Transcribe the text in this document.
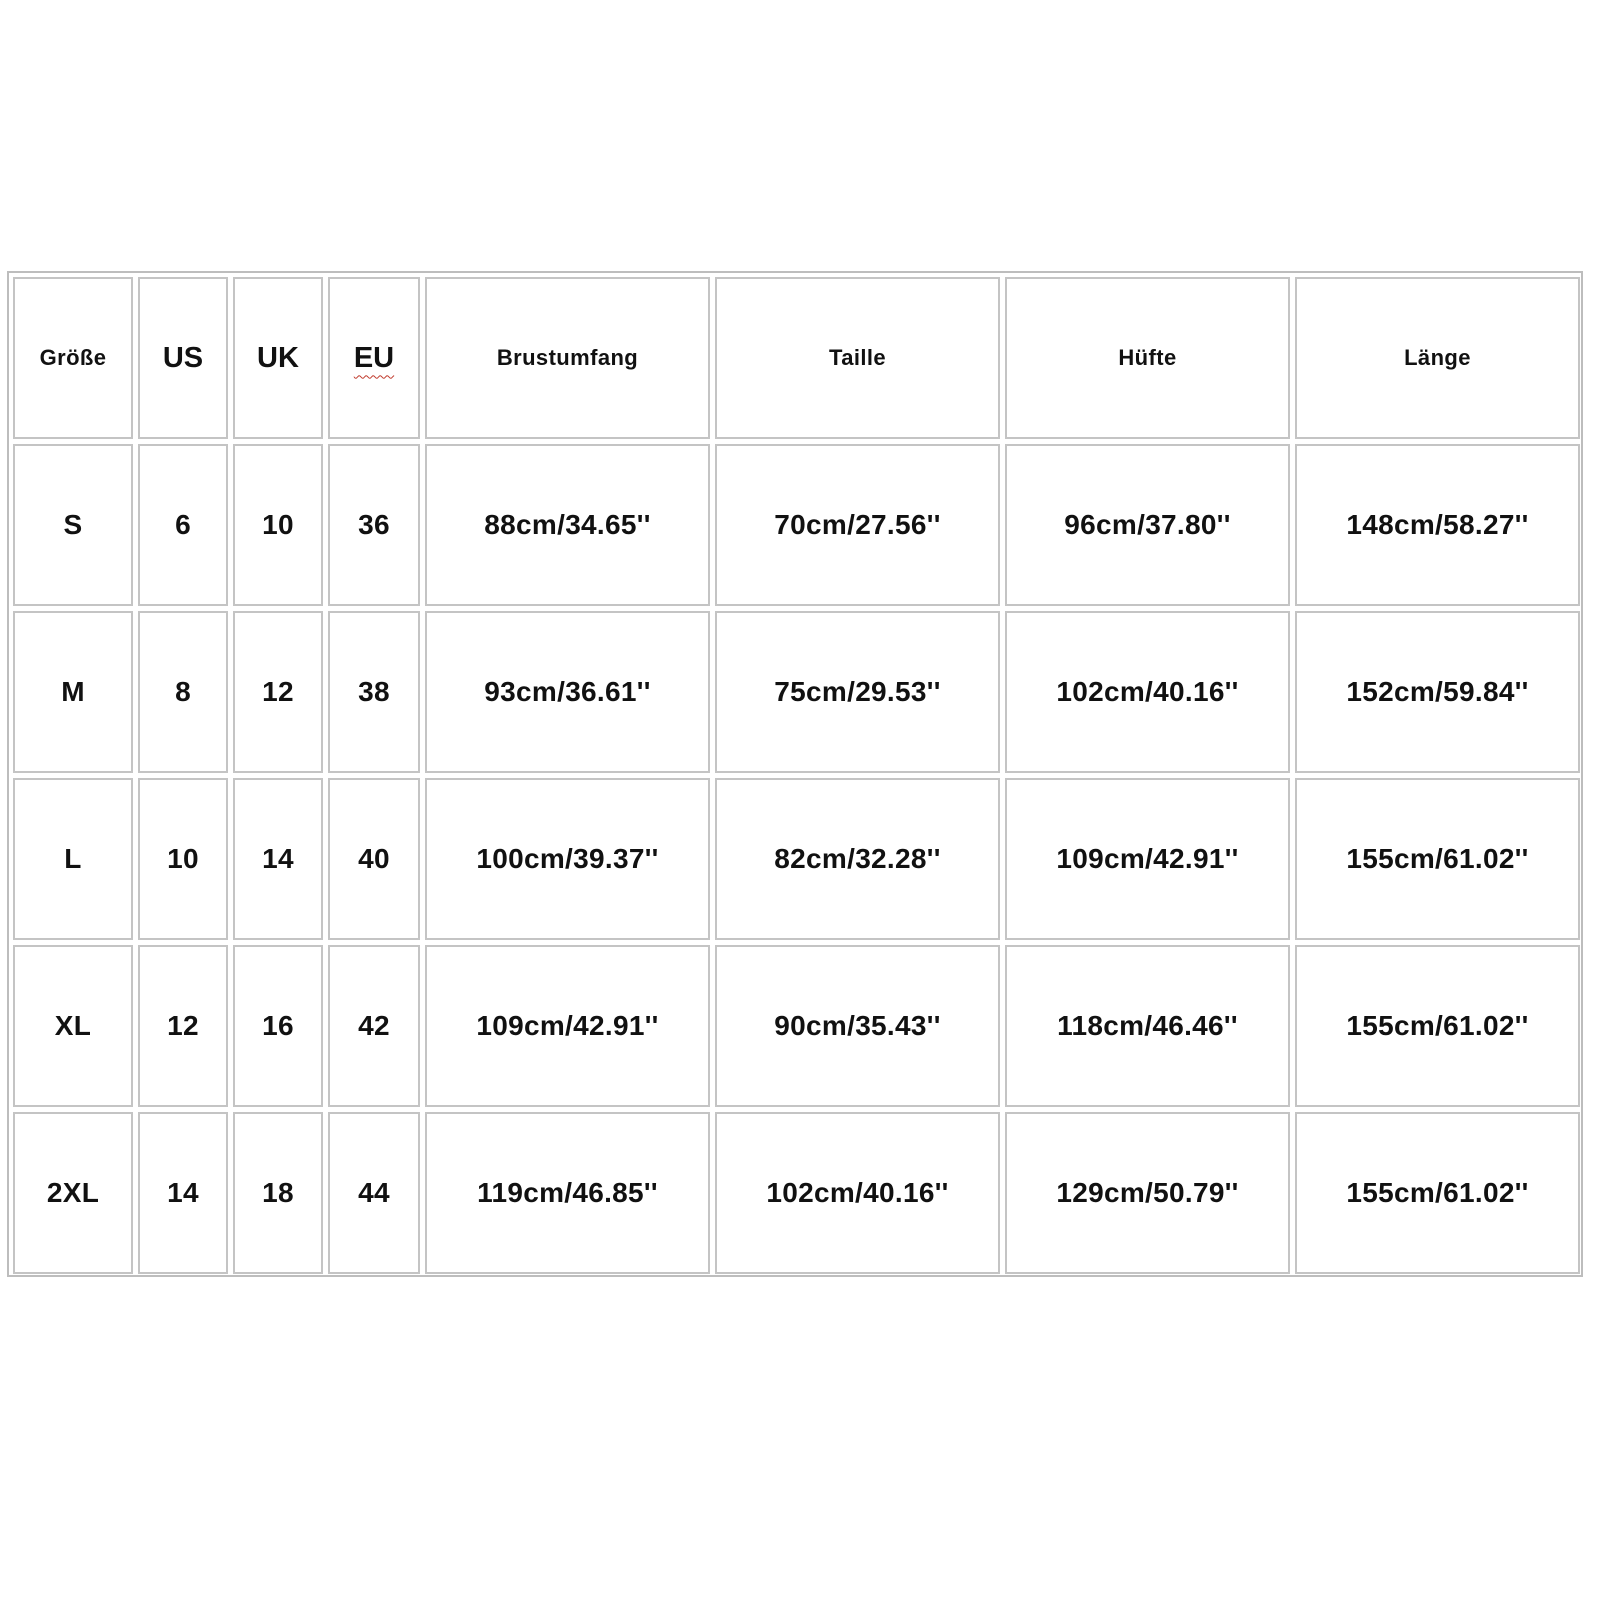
Größe	US	UK	EU	Brustumfang	Taille	Hüfte	Länge
S	6	10	36	88cm/34.65''	70cm/27.56''	96cm/37.80''	148cm/58.27''
M	8	12	38	93cm/36.61''	75cm/29.53''	102cm/40.16''	152cm/59.84''
L	10	14	40	100cm/39.37''	82cm/32.28''	109cm/42.91''	155cm/61.02''
XL	12	16	42	109cm/42.91''	90cm/35.43''	118cm/46.46''	155cm/61.02''
2XL	14	18	44	119cm/46.85''	102cm/40.16''	129cm/50.79''	155cm/61.02''
